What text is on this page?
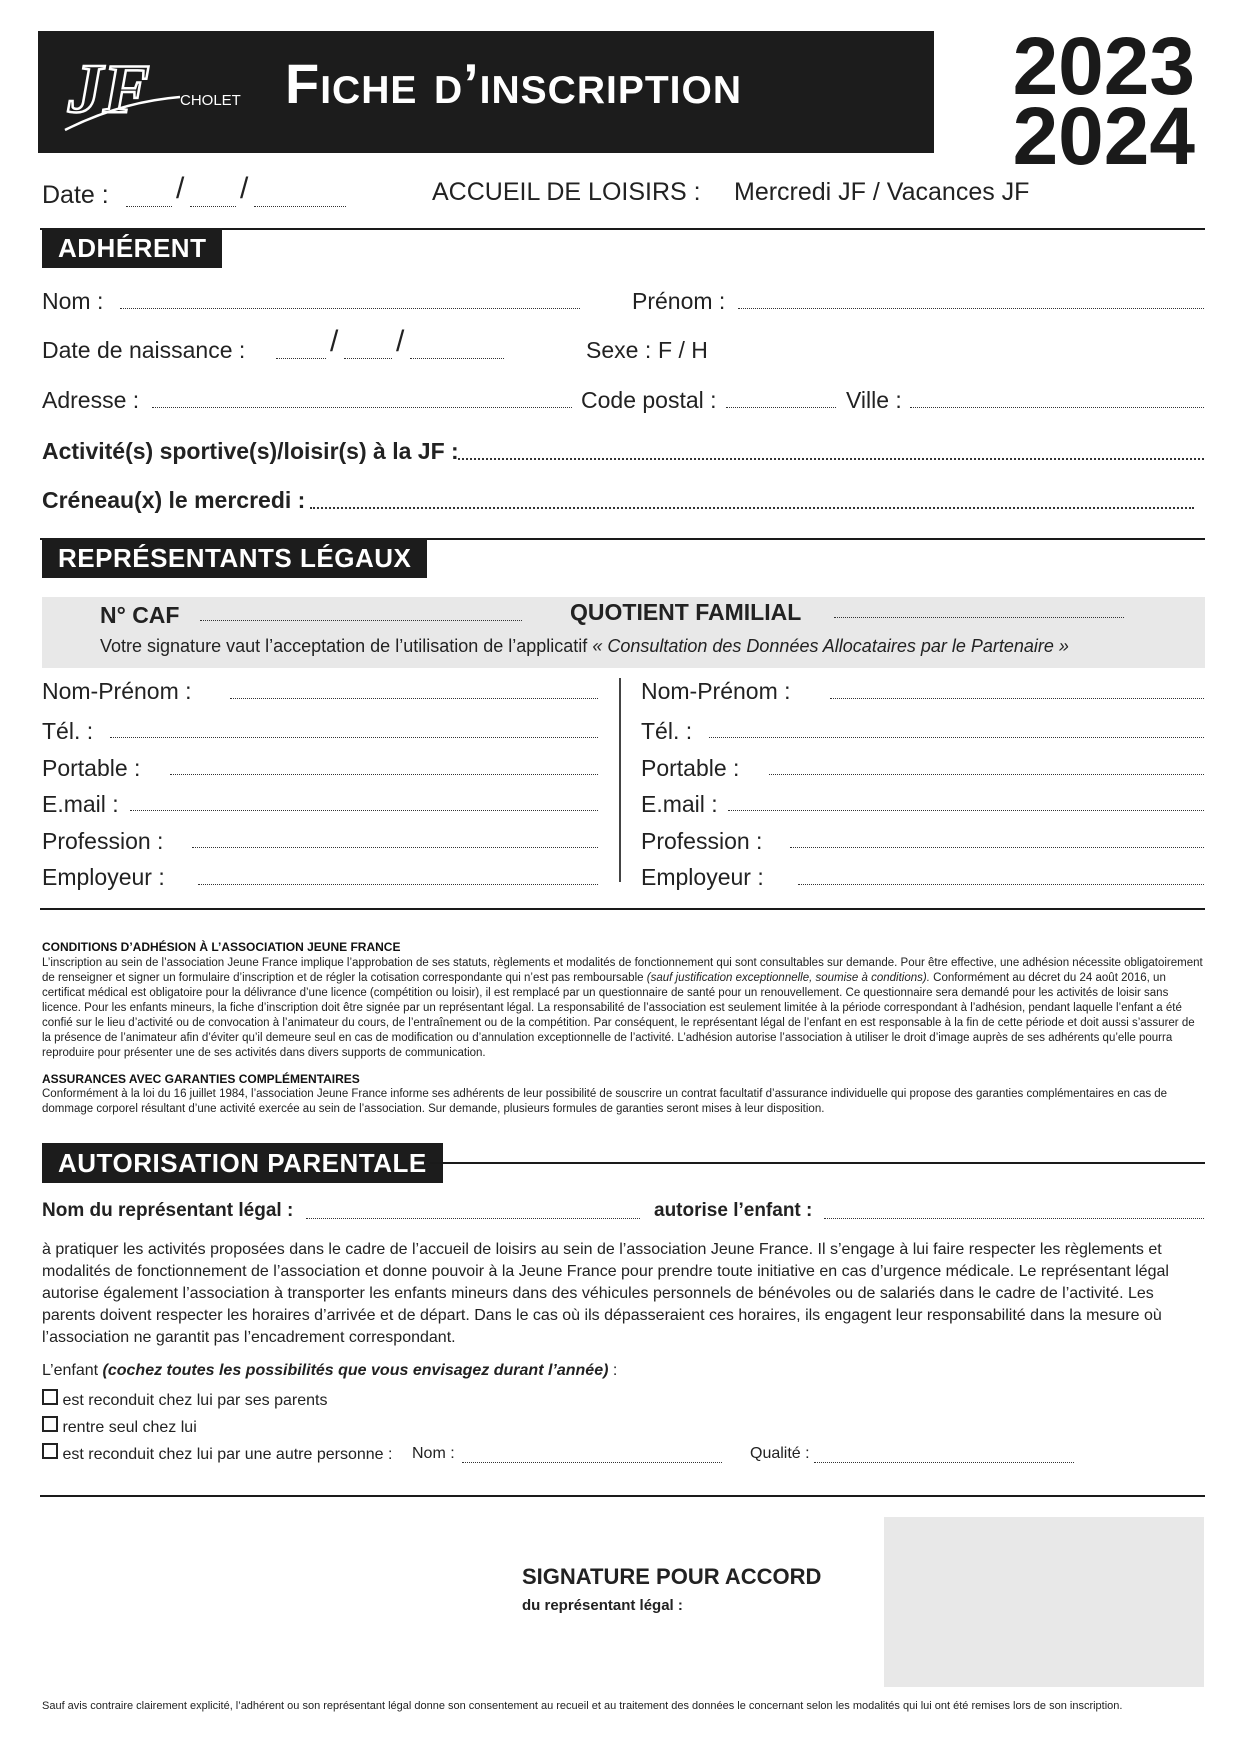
JF CHOLET Fiche d’inscription	2023
2024
Date : / /	ACCUEIL DE LOISIRS : Mercredi JF / Vacances JF
ADHÉRENT
Nom :	Prénom :
Date de naissance :	/ /	Sexe : F / H
Adresse :	Code postal :	Ville :
Activité(s) sportive(s)/loisir(s) à la JF :
Créneau(x) le mercredi :
REPRÉSENTANTS LÉGAUX
N° CAF	QUOTIENT FAMILIAL
Votre signature vaut l’acceptation de l’utilisation de l’applicatif « Consultation des Données Allocataires par le Partenaire »
Nom-Prénom :
Tél. :
Portable :
E.mail :
Profession :
Employeur :
Nom-Prénom :
Tél. :
Portable :
E.mail :
Profession :
Employeur :
CONDITIONS D’ADHÉSION À L’ASSOCIATION JEUNE FRANCE
L’inscription au sein de l’association Jeune France implique l’approbation de ses statuts, règlements et modalités de fonctionnement qui sont consultables sur demande. Pour être effective, une adhésion nécessite obligatoirement de renseigner et signer un formulaire d’inscription et de régler la cotisation correspondante qui n’est pas remboursable (sauf justification exceptionnelle, soumise à conditions). Conformément au décret du 24 août 2016, un certificat médical est obligatoire pour la délivrance d’une licence (compétition ou loisir), il est remplacé par un questionnaire de santé pour un renouvellement. Ce questionnaire sera demandé pour les activités de loisir sans licence. Pour les enfants mineurs, la fiche d’inscription doit être signée par un représentant légal. La responsabilité de l’association est seulement limitée à la période correspondant à l’adhésion, pendant laquelle l’enfant a été confié sur le lieu d’activité ou de convocation à l’animateur du cours, de l’entraînement ou de la compétition. Par conséquent, le représentant légal de l’enfant en est responsable à la fin de cette période et doit aussi s’assurer de la présence de l’animateur afin d’éviter qu’il demeure seul en cas de modification ou d’annulation exceptionnelle de l’activité. L’adhésion autorise l’association à utiliser le droit d’image auprès de ses adhérents qu’elle pourra reproduire pour présenter une de ses activités dans divers supports de communication.
ASSURANCES AVEC GARANTIES COMPLÉMENTAIRES
Conformément à la loi du 16 juillet 1984, l’association Jeune France informe ses adhérents de leur possibilité de souscrire un contrat facultatif d’assurance individuelle qui propose des garanties complémentaires en cas de dommage corporel résultant d’une activité exercée au sein de l’association. Sur demande, plusieurs formules de garanties seront mises à leur disposition.
AUTORISATION PARENTALE
Nom du représentant légal :	autorise l’enfant :
à pratiquer les activités proposées dans le cadre de l’accueil de loisirs au sein de l’association Jeune France. Il s’engage à lui faire respecter les règlements et modalités de fonctionnement de l’association et donne pouvoir à la Jeune France pour prendre toute initiative en cas d’urgence médicale. Le représentant légal autorise également l’association à transporter les enfants mineurs dans des véhicules personnels de bénévoles ou de salariés dans le cadre de l’activité. Les parents doivent respecter les horaires d’arrivée et de départ. Dans le cas où ils dépasseraient ces horaires, ils engagent leur responsabilité dans la mesure où l’association ne garantit pas l’encadrement correspondant.
L’enfant (cochez toutes les possibilités que vous envisagez durant l’année) :
est reconduit chez lui par ses parents
rentre seul chez lui
est reconduit chez lui par une autre personne : Nom :	Qualité :
SIGNATURE POUR ACCORD
du représentant légal :
Sauf avis contraire clairement explicité, l’adhérent ou son représentant légal donne son consentement au recueil et au traitement des données le concernant selon les modalités qui lui ont été remises lors de son inscription.
